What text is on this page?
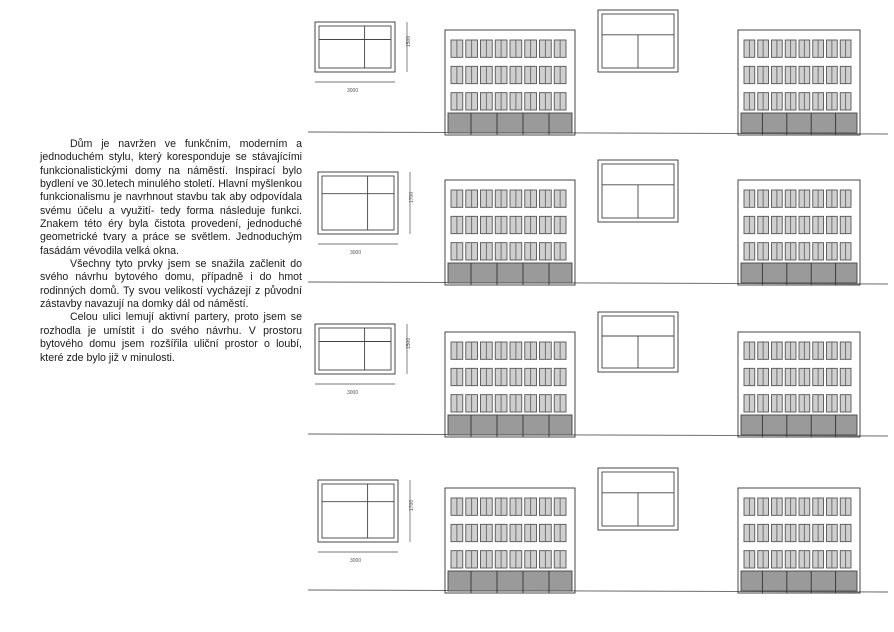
Dům je navržen ve funkčním, moderním a jednoduchém stylu, který koresponduje se stávajícími funkcionalistickými domy na náměstí. Inspirací bylo bydlení ve 30.letech minulého století. Hlavní myšlenkou funkcionalismu je navrhnout stavbu tak aby odpovídala svému účelu a využití- tedy forma následuje funkci. Znakem této éry byla čistota provedení, jednoduché geometrické tvary a práce se světlem. Jednoduchým fasádám vévodila velká okna.

Všechny tyto prvky jsem se snažila začlenit do svého návrhu bytového domu, případně i do hmot rodinných domů. Ty svou velikostí vycházejí z původní zástavby navazují na domky dál od náměstí.

Celou ulici lemují aktivní partery, proto jsem se rozhodla je umístit i do svého návrhu. V prostoru bytového domu jsem rozšířila uliční prostor o loubí, které zde bylo již v minulosti.

3000
1500
3000
1700
3000
1500
3000
1700
